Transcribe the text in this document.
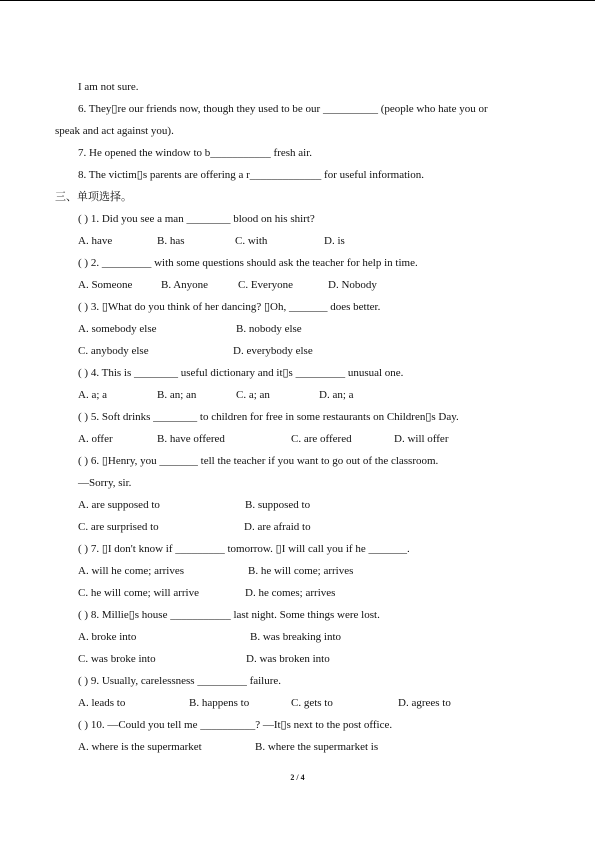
I am not sure.
6. They▯re our friends now, though they used to be our __________ (people who hate you or
speak and act against you).
7. He opened the window to b___________ fresh air.
8. The victim▯s parents are offering a r_____________ for useful information.
三、单项选择。
( ) 1. Did you see a man ________ blood on his shirt?
A. have	B. has	C. with	D. is
( ) 2. _________ with some questions should ask the teacher for help in time.
A. Someone	B. Anyone	C. Everyone	D. Nobody
( ) 3. ▯What do you think of her dancing? ▯Oh, _______ does better.
A. somebody else	B. nobody else
C. anybody else	D. everybody else
( ) 4. This is ________ useful dictionary and it▯s _________ unusual one.
A. a; a	B. an; an	C. a; an	D. an; a
( ) 5. Soft drinks ________ to children for free in some restaurants on Children▯s Day.
A. offer	B. have offered	C. are offered	D. will offer
( ) 6. ▯Henry, you _______ tell the teacher if you want to go out of the classroom.
—Sorry, sir.
A. are supposed to	B. supposed to
C. are surprised to	D. are afraid to
( ) 7. ▯I don't know if _________ tomorrow. ▯I will call you if he _______.
A. will he come; arrives	B. he will come; arrives
C. he will come; will arrive	D. he comes; arrives
( ) 8. Millie▯s house ___________ last night. Some things were lost.
A. broke into	B. was breaking into
C. was broke into	D. was broken into
( ) 9. Usually, carelessness _________ failure.
A. leads to	B. happens to	C. gets to	D. agrees to
( ) 10. —Could you tell me __________? —It▯s next to the post office.
A. where is the supermarket	B. where the supermarket is
2 / 4
